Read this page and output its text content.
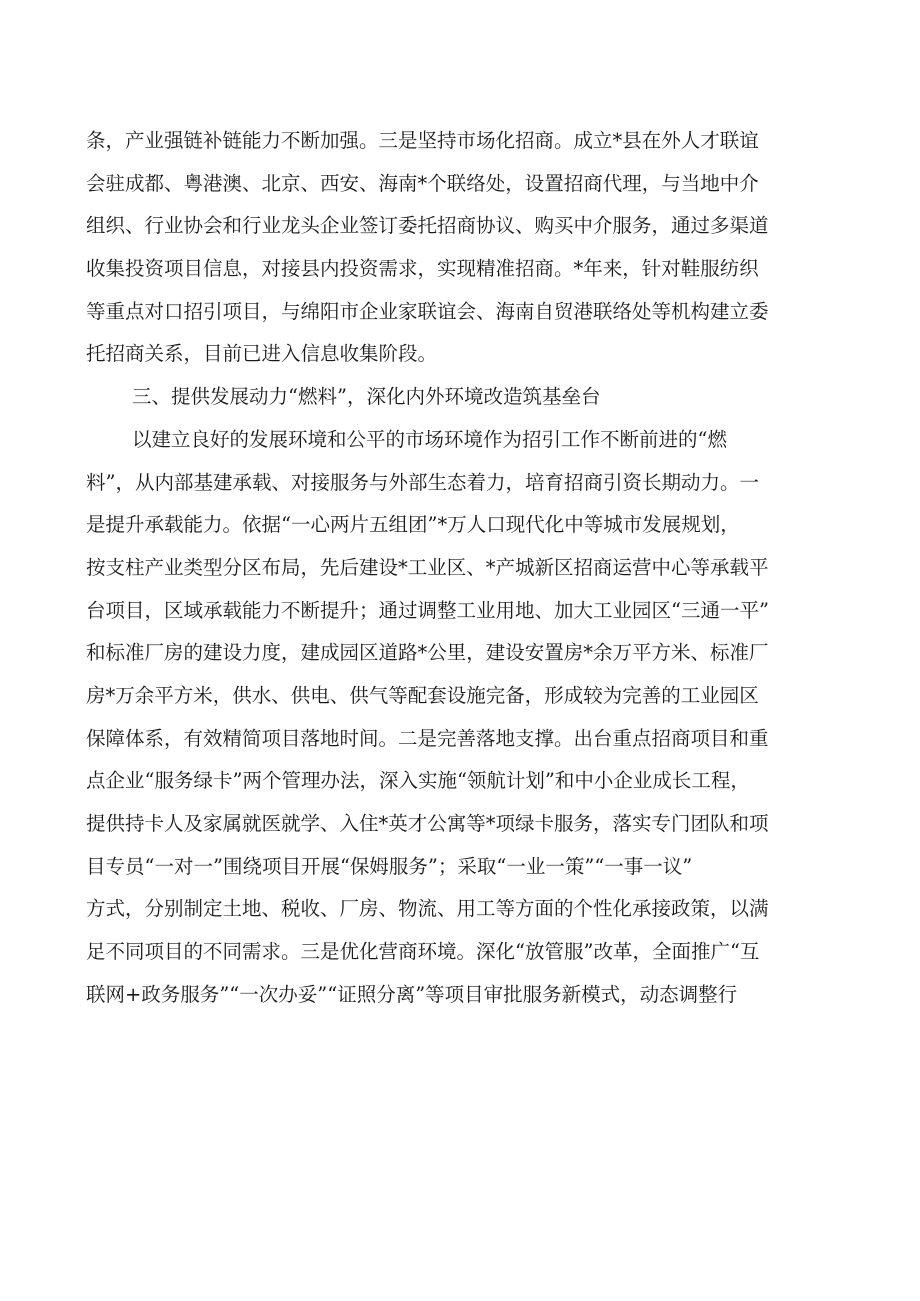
条，产业强链补链能力不断加强。三是坚持市场化招商。成立*县在外人才联谊
会驻成都、粤港澳、北京、西安、海南*个联络处，设置招商代理，与当地中介
组织、行业协会和行业龙头企业签订委托招商协议、购买中介服务，通过多渠道
收集投资项目信息，对接县内投资需求，实现精准招商。*年来，针对鞋服纺织
等重点对口招引项目，与绵阳市企业家联谊会、海南自贸港联络处等机构建立委
托招商关系，目前已进入信息收集阶段。
三、提供发展动力“燃料”，深化内外环境改造筑基垒台
以建立良好的发展环境和公平的市场环境作为招引工作不断前进的“燃
料”，从内部基建承载、对接服务与外部生态着力，培育招商引资长期动力。一
是提升承载能力。依据“一心两片五组团”*万人口现代化中等城市发展规划，
按支柱产业类型分区布局，先后建设*工业区、*产城新区招商运营中心等承载平
台项目，区域承载能力不断提升；通过调整工业用地、加大工业园区“三通一平”
和标准厂房的建设力度，建成园区道路*公里，建设安置房*余万平方米、标准厂
房*万余平方米，供水、供电、供气等配套设施完备，形成较为完善的工业园区
保障体系，有效精简项目落地时间。二是完善落地支撑。出台重点招商项目和重
点企业“服务绿卡”两个管理办法，深入实施“领航计划”和中小企业成长工程，
提供持卡人及家属就医就学、入住*英才公寓等*项绿卡服务，落实专门团队和项
目专员“一对一”围绕项目开展“保姆服务”；采取“一业一策”“一事一议”
方式，分别制定土地、税收、厂房、物流、用工等方面的个性化承接政策，以满
足不同项目的不同需求。三是优化营商环境。深化“放管服”改革，全面推广“互
联网+政务服务”“一次办妥”“证照分离”等项目审批服务新模式，动态调整行
